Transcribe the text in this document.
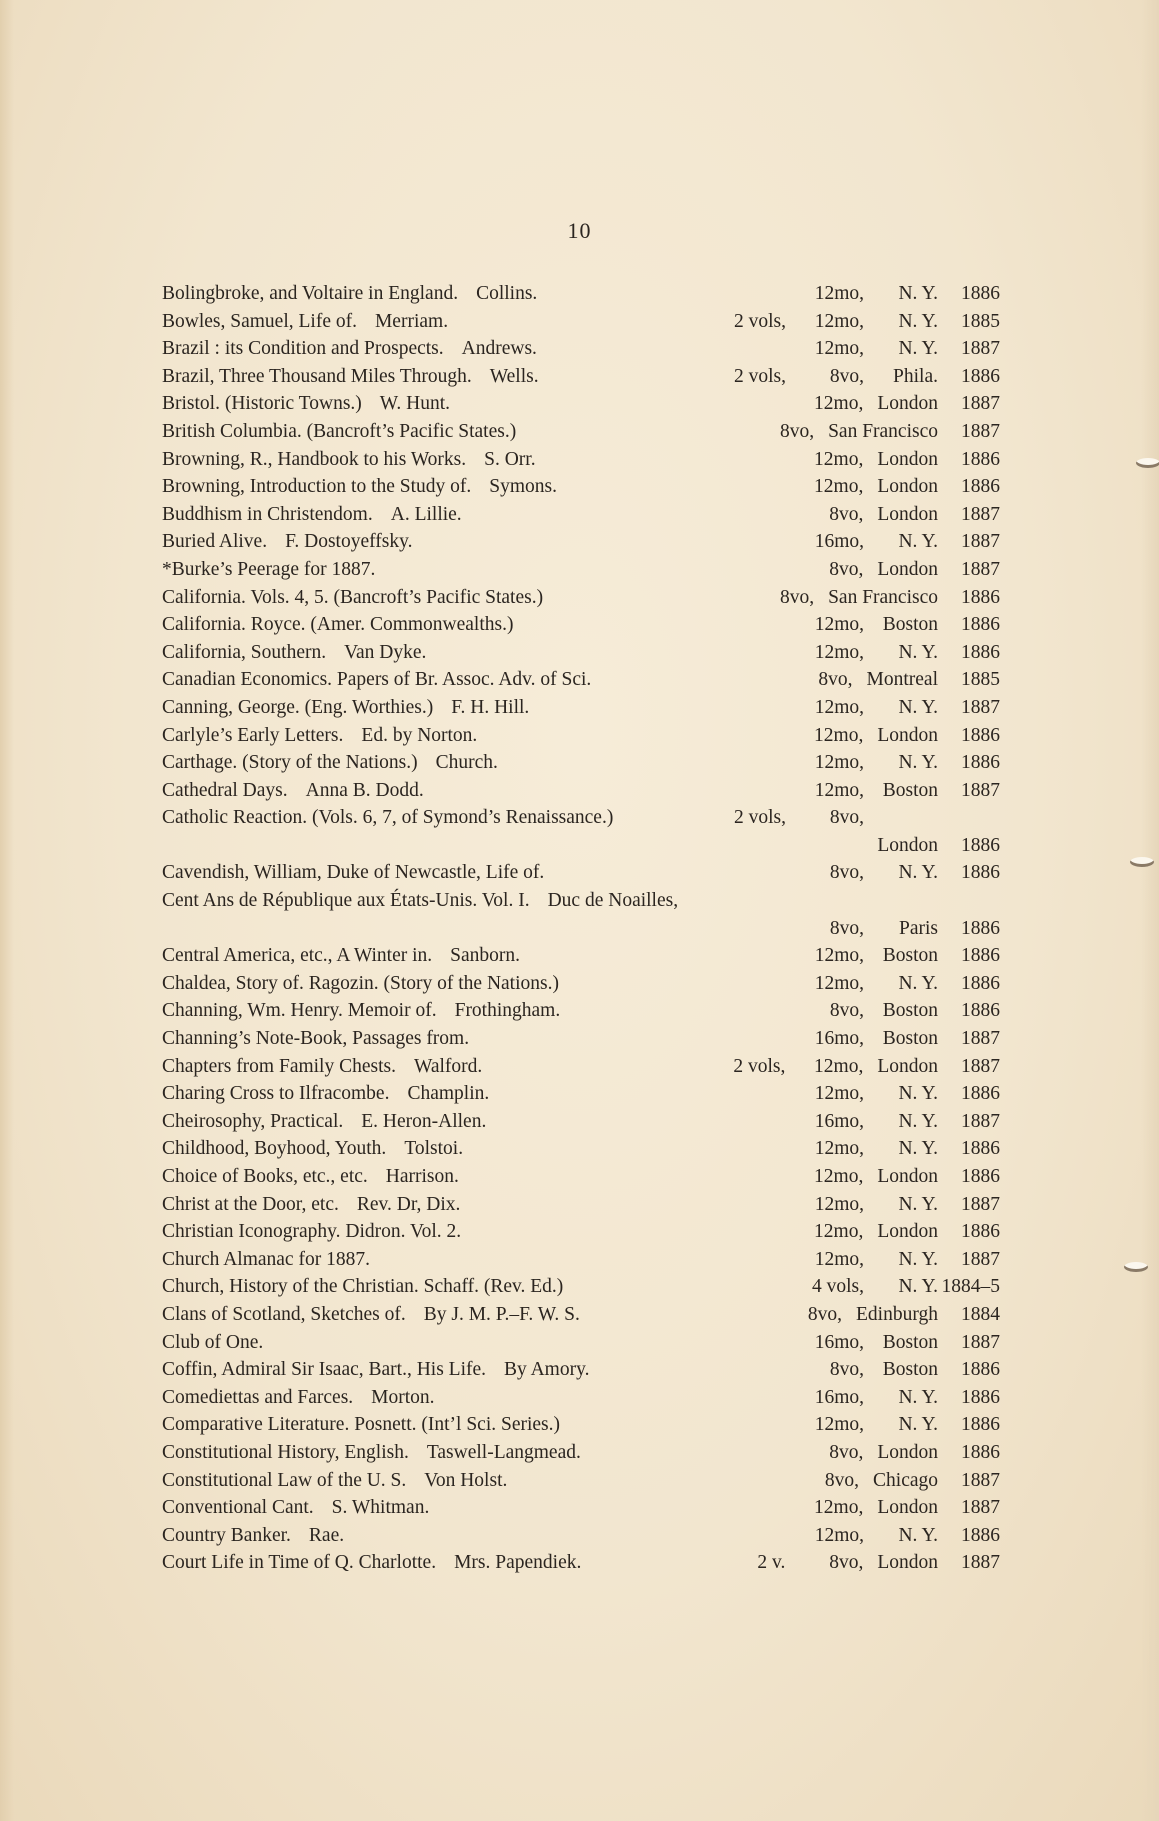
10
Bolingbroke, and Voltaire in England. Collins.	12mo,	N. Y.	1886
Bowles, Samuel, Life of. Merriam.	2 vols,	12mo,	N. Y.	1885
Brazil : its Condition and Prospects. Andrews.	12mo,	N. Y.	1887
Brazil, Three Thousand Miles Through. Wells.	2 vols,	8vo,	Phila.	1886
Bristol. (Historic Towns.) W. Hunt.	12mo, London	1887
British Columbia. (Bancroft’s Pacific States.)	8vo, San Francisco	1887
Browning, R., Handbook to his Works. S. Orr.	12mo, London	1886
Browning, Introduction to the Study of. Symons.	12mo, London	1886
Buddhism in Christendom. A. Lillie.	8vo, London	1887
Buried Alive. F. Dostoyeffsky.	16mo,	N. Y.	1887
*Burke’s Peerage for 1887.	8vo, London	1887
California. Vols. 4, 5. (Bancroft’s Pacific States.)	8vo, San Francisco	1886
California. Royce. (Amer. Commonwealths.)	12mo, Boston	1886
California, Southern. Van Dyke.	12mo,	N. Y.	1886
Canadian Economics. Papers of Br. Assoc. Adv. of Sci.	8vo, Montreal	1885
Canning, George. (Eng. Worthies.) F. H. Hill.	12mo,	N. Y.	1887
Carlyle’s Early Letters. Ed. by Norton.	12mo, London	1886
Carthage. (Story of the Nations.) Church.	12mo,	N. Y.	1886
Cathedral Days. Anna B. Dodd.	12mo, Boston	1887
Catholic Reaction. (Vols. 6, 7, of Symond’s Renaissance.)	2 vols,	8vo,
London	1886
Cavendish, William, Duke of Newcastle, Life of.	8vo,	N. Y.	1886
Cent Ans de République aux États-Unis. Vol. I. Duc de Noailles,
8vo,	Paris	1886
Central America, etc., A Winter in. Sanborn.	12mo, Boston	1886
Chaldea, Story of. Ragozin. (Story of the Nations.)	12mo,	N. Y.	1886
Channing, Wm. Henry. Memoir of. Frothingham.	8vo, Boston	1886
Channing’s Note-Book, Passages from.	16mo, Boston	1887
Chapters from Family Chests. Walford.	2 vols,	12mo, London	1887
Charing Cross to Ilfracombe. Champlin.	12mo,	N. Y.	1886
Cheirosophy, Practical. E. Heron-Allen.	16mo,	N. Y.	1887
Childhood, Boyhood, Youth. Tolstoi.	12mo,	N. Y.	1886
Choice of Books, etc., etc. Harrison.	12mo, London	1886
Christ at the Door, etc. Rev. Dr, Dix.	12mo,	N. Y.	1887
Christian Iconography. Didron. Vol. 2.	12mo, London	1886
Church Almanac for 1887.	12mo,	N. Y.	1887
Church, History of the Christian. Schaff. (Rev. Ed.)	4 vols,	N. Y. 1884–5
Clans of Scotland, Sketches of. By J. M. P.–F. W. S.	8vo, Edinburgh	1884
Club of One.	16mo, Boston	1887
Coffin, Admiral Sir Isaac, Bart., His Life. By Amory.	8vo, Boston	1886
Comediettas and Farces. Morton.	16mo,	N. Y.	1886
Comparative Literature. Posnett. (Int’l Sci. Series.)	12mo,	N. Y.	1886
Constitutional History, English. Taswell-Langmead.	8vo, London	1886
Constitutional Law of the U. S. Von Holst.	8vo, Chicago	1887
Conventional Cant. S. Whitman.	12mo, London	1887
Country Banker. Rae.	12mo,	N. Y.	1886
Court Life in Time of Q. Charlotte. Mrs. Papendiek.	2 v.	8vo, London	1887
